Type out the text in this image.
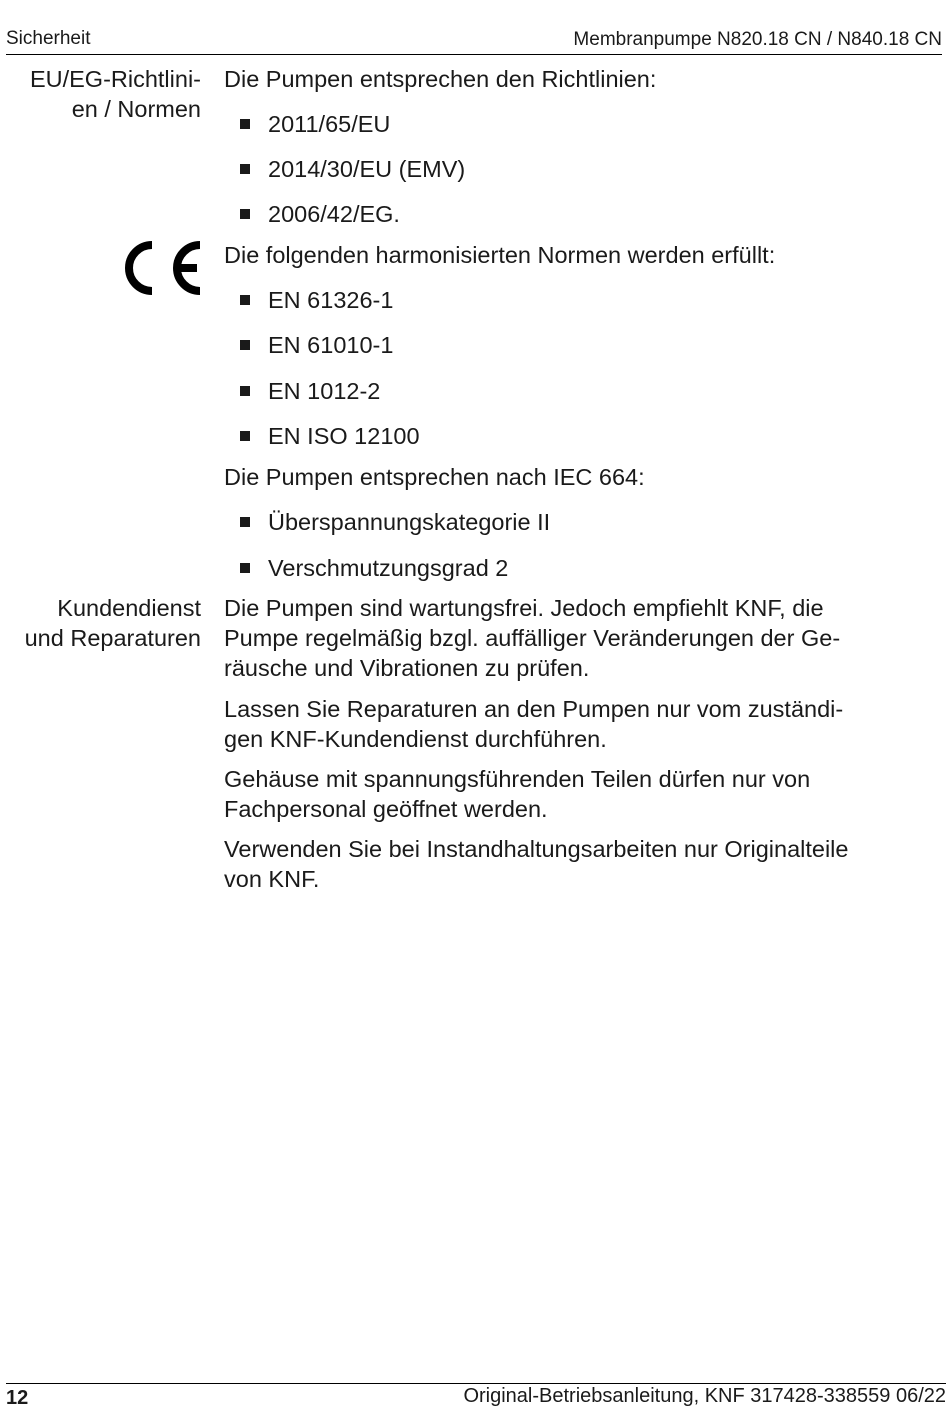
Sicherheit	Membranpumpe N820.18 CN / N840.18 CN
EU/EG-Richtlini-
en / Normen
Kundendienst
und Reparaturen
Die Pumpen entsprechen den Richtlinien:
2011/65/EU
2014/30/EU (EMV)
2006/42/EG.
Die folgenden harmonisierten Normen werden erfüllt:
EN 61326-1
EN 61010-1
EN 1012-2
EN ISO 12100
Die Pumpen entsprechen nach IEC 664:
Überspannungskategorie II
Verschmutzungsgrad 2
Die Pumpen sind wartungsfrei. Jedoch empfiehlt KNF, die
Pumpe regelmäßig bzgl. auffälliger Veränderungen der Ge-
räusche und Vibrationen zu prüfen.
Lassen Sie Reparaturen an den Pumpen nur vom zuständi-
gen KNF-Kundendienst durchführen.
Gehäuse mit spannungsführenden Teilen dürfen nur von
Fachpersonal geöffnet werden.
Verwenden Sie bei Instandhaltungsarbeiten nur Originalteile
von KNF.
12	Original-Betriebsanleitung, KNF 317428-338559 06/22
